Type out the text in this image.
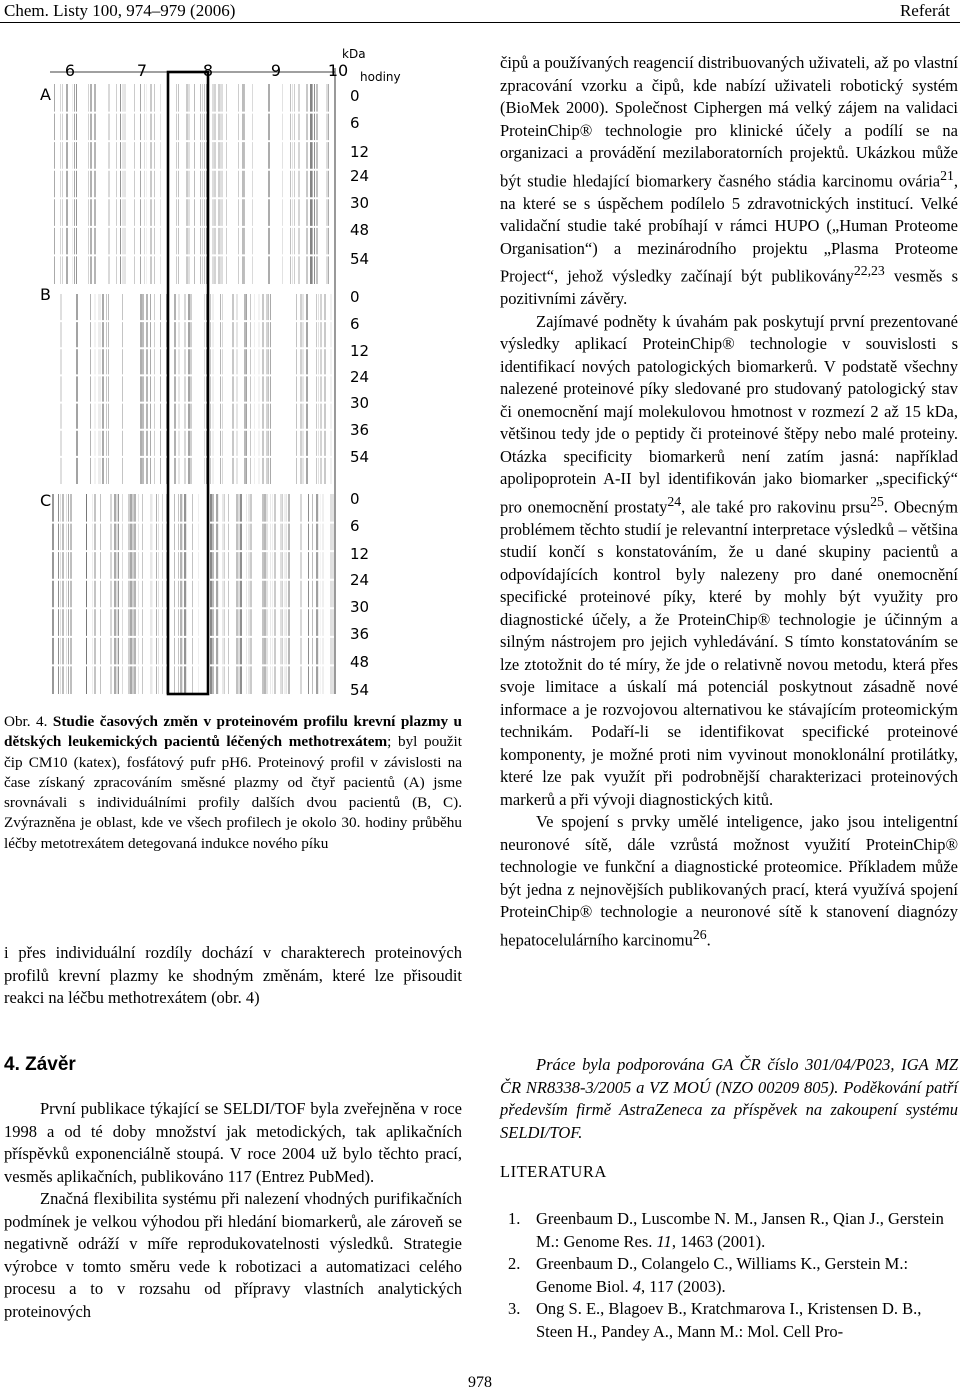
Chem. Listy 100, 974–979 (2006)	Referát
kDa
hodiny
6	7	8	9	10
A
B
C
0
6
12
24
30
48
54
0
6
12
24
30
36
54
0
6
12
24
30
36
48
54
Obr. 4. Studie časových změn v proteinovém profilu krevní plazmy u dětských leukemických pacientů léčených methotrexátem; byl použit čip CM10 (katex), fosfátový pufr pH6. Proteinový profil v závislosti na čase získaný zpracováním směsné plazmy od čtyř pacientů (A) jsme srovnávali s individuálními profily dalších dvou pacientů (B, C). Zvýrazněna je oblast, kde ve všech profilech je okolo 30. hodiny průběhu léčby metotrexátem detegovaná indukce nového píku

i přes individuální rozdíly dochází v charakterech proteinových profilů krevní plazmy ke shodným změnám, které lze přisoudit reakci na léčbu methotrexátem (obr. 4)

4. Závěr

První publikace týkající se SELDI/TOF byla zveřejněna v roce 1998 a od té doby množství jak metodických, tak aplikačních příspěvků exponenciálně stoupá. V roce 2004 už bylo těchto prací, vesměs aplikačních, publikováno 117 (Entrez PubMed).

Značná flexibilita systému při nalezení vhodných purifikačních podmínek je velkou výhodou při hledání biomarkerů, ale zároveň se negativně odráží v míře reprodukovatelnosti výsledků. Strategie výrobce v tomto směru vede k robotizaci a automatizaci celého procesu a to v rozsahu od přípravy vlastních analytických proteinových

čipů a používaných reagencií distribuovaných uživateli, až po vlastní zpracování vzorku a čipů, kde nabízí uživateli robotický systém (BioMek 2000). Společnost Ciphergen má velký zájem na validaci ProteinChip® technologie pro klinické účely a podílí se na organizaci a provádění mezilaboratorních projektů. Ukázkou může být studie hledající biomarkery časného stádia karcinomu ovária$^{21}$, na které se s úspěchem podílelo 5 zdravotnických institucí. Velké validační studie také probíhají v rámci HUPO („Human Proteome Organisation“) a mezinárodního projektu „Plasma Proteome Project“, jehož výsledky začínají být publikovány$^{22,23}$ vesměs s pozitivními závěry.

Zajímavé podněty k úvahám pak poskytují první prezentované výsledky aplikací ProteinChip® technologie v souvislosti s identifikací nových patologických biomarkerů. V podstatě všechny nalezené proteinové píky sledované pro studovaný patologický stav či onemocnění mají molekulovou hmotnost v rozmezí 2 až 15 kDa, většinou tedy jde o peptidy či proteinové štěpy nebo malé proteiny. Otázka specificity biomarkerů není zatím jasná: například apolipoprotein A-II byl identifikován jako biomarker „specifický“ pro onemocnění prostaty$^{24}$, ale také pro rakovinu prsu$^{25}$. Obecným problémem těchto studií je relevantní interpretace výsledků – většina studií končí s konstatováním, že u dané skupiny pacientů a odpovídajících kontrol byly nalezeny pro dané onemocnění specifické proteinové píky, které by mohly být využity pro diagnostické účely, a že ProteinChip® technologie je účinným a silným nástrojem pro jejich vyhledávání. S tímto konstatováním se lze ztotožnit do té míry, že jde o relativně novou metodu, která přes svoje limitace a úskalí má potenciál poskytnout zásadně nové informace a je rozvojovou alternativou ke stávajícím proteomickým technikám. Podaří-li se identifikovat specifické proteinové komponenty, je možné proti nim vyvinout monoklonální protilátky, které lze pak využít při podrobnější charakterizaci proteinových markerů a při vývoji diagnostických kitů.

Ve spojení s prvky umělé inteligence, jako jsou inteligentní neuronové sítě, dále vzrůstá možnost využití ProteinChip® technologie ve funkční a diagnostické proteomice. Příkladem může být jedna z nejnovějších publikovaných prací, která využívá spojení ProteinChip® technologie a neuronové sítě k stanovení diagnózy hepatocelulárního karcinomu$^{26}$.

Práce byla podporována GA ČR číslo 301/04/P023, IGA MZ ČR NR8338-3/2005 a VZ MOÚ (NZO 00209 805). Poděkování patří především firmě AstraZeneca za příspěvek na zakoupení systému SELDI/TOF.

LITERATURA
1. Greenbaum D., Luscombe N. M., Jansen R., Qian J., Gerstein M.: Genome Res. 11, 1463 (2001).
2. Greenbaum D., Colangelo C., Williams K., Gerstein M.: Genome Biol. 4, 117 (2003).
3. Ong S. E., Blagoev B., Kratchmarova I., Kristensen D. B., Steen H., Pandey A., Mann M.: Mol. Cell Pro-
978
